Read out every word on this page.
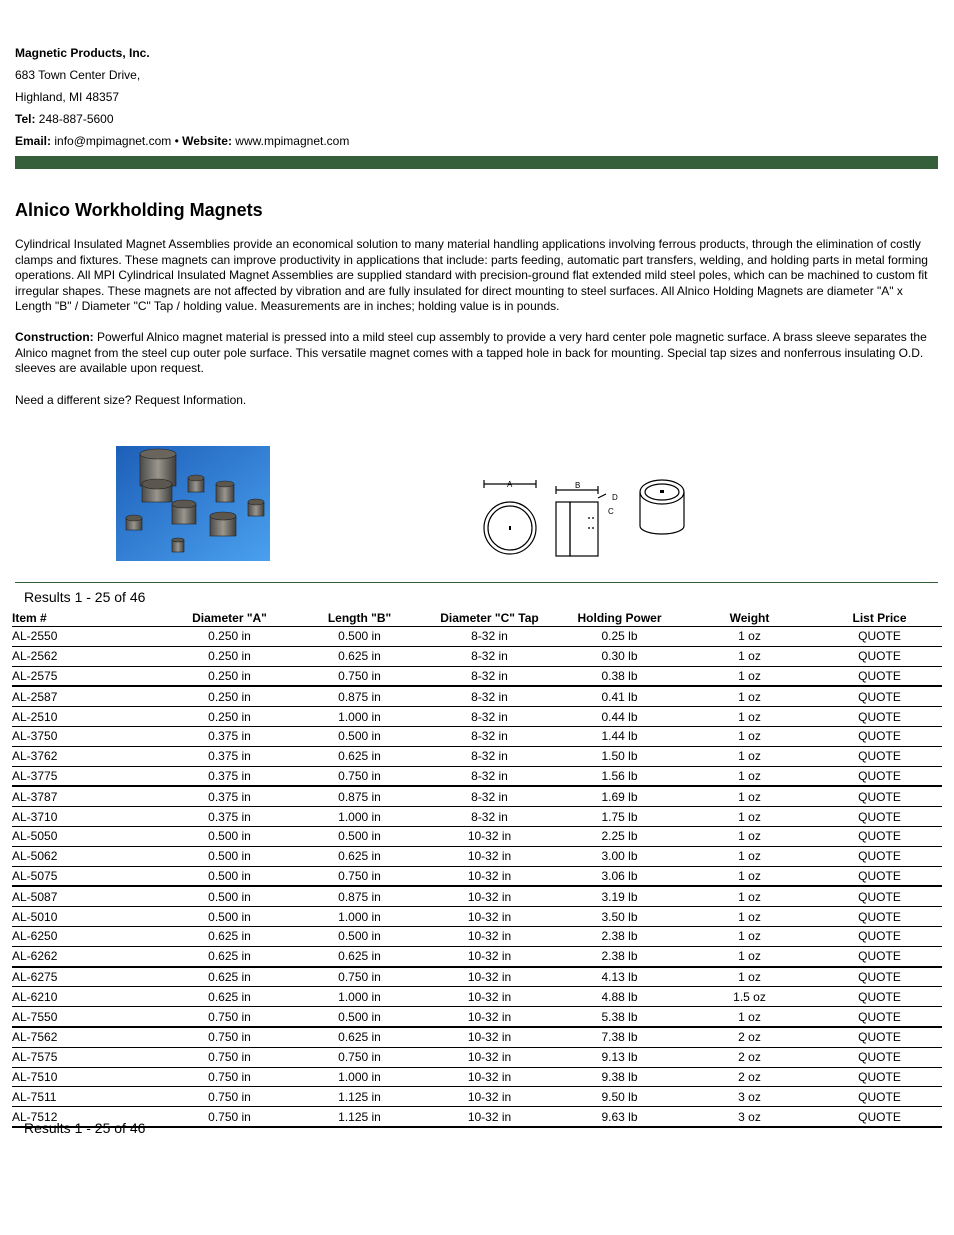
Magnetic Products, Inc.
683 Town Center Drive,
Highland, MI 48357
Tel: 248-887-5600
Email: info@mpimagnet.com • Website: www.mpimagnet.com
Alnico Workholding Magnets

Cylindrical Insulated Magnet Assemblies provide an economical solution to many material handling applications involving ferrous products, through the elimination of costly clamps and fixtures. These magnets can improve productivity in applications that include: parts feeding, automatic part transfers, welding, and holding parts in metal forming operations. All MPI Cylindrical Insulated Magnet Assemblies are supplied standard with precision-ground flat extended mild steel poles, which can be machined to custom fit irregular shapes. These magnets are not affected by vibration and are fully insulated for direct mounting to steel surfaces. All Alnico Holding Magnets are diameter "A" x Length "B" / Diameter "C" Tap / holding value. Measurements are in inches; holding value is in pounds.

Construction: Powerful Alnico magnet material is pressed into a mild steel cup assembly to provide a very hard center pole magnetic surface. A brass sleeve separates the Alnico magnet from the steel cup outer pole surface. This versatile magnet comes with a tapped hole in back for mounting. Special tap sizes and nonferrous insulating O.D. sleeves are available upon request.

Need a different size? Request Information.

A	B
D
C
Results 1 - 25 of 46
Item #	Diameter "A"	Length "B"	Diameter "C" Tap	Holding Power	Weight	List Price
AL-2550	0.250 in	0.500 in	8-32 in	0.25 lb	1 oz	QUOTE
AL-2562	0.250 in	0.625 in	8-32 in	0.30 lb	1 oz	QUOTE
AL-2575	0.250 in	0.750 in	8-32 in	0.38 lb	1 oz	QUOTE
AL-2587	0.250 in	0.875 in	8-32 in	0.41 lb	1 oz	QUOTE
AL-2510	0.250 in	1.000 in	8-32 in	0.44 lb	1 oz	QUOTE
AL-3750	0.375 in	0.500 in	8-32 in	1.44 lb	1 oz	QUOTE
AL-3762	0.375 in	0.625 in	8-32 in	1.50 lb	1 oz	QUOTE
AL-3775	0.375 in	0.750 in	8-32 in	1.56 lb	1 oz	QUOTE
AL-3787	0.375 in	0.875 in	8-32 in	1.69 lb	1 oz	QUOTE
AL-3710	0.375 in	1.000 in	8-32 in	1.75 lb	1 oz	QUOTE
AL-5050	0.500 in	0.500 in	10-32 in	2.25 lb	1 oz	QUOTE
AL-5062	0.500 in	0.625 in	10-32 in	3.00 lb	1 oz	QUOTE
AL-5075	0.500 in	0.750 in	10-32 in	3.06 lb	1 oz	QUOTE
AL-5087	0.500 in	0.875 in	10-32 in	3.19 lb	1 oz	QUOTE
AL-5010	0.500 in	1.000 in	10-32 in	3.50 lb	1 oz	QUOTE
AL-6250	0.625 in	0.500 in	10-32 in	2.38 lb	1 oz	QUOTE
AL-6262	0.625 in	0.625 in	10-32 in	2.38 lb	1 oz	QUOTE
AL-6275	0.625 in	0.750 in	10-32 in	4.13 lb	1 oz	QUOTE
AL-6210	0.625 in	1.000 in	10-32 in	4.88 lb	1.5 oz	QUOTE
AL-7550	0.750 in	0.500 in	10-32 in	5.38 lb	1 oz	QUOTE
AL-7562	0.750 in	0.625 in	10-32 in	7.38 lb	2 oz	QUOTE
AL-7575	0.750 in	0.750 in	10-32 in	9.13 lb	2 oz	QUOTE
AL-7510	0.750 in	1.000 in	10-32 in	9.38 lb	2 oz	QUOTE
AL-7511	0.750 in	1.125 in	10-32 in	9.50 lb	3 oz	QUOTE
AL-7512	0.750 in	1.125 in	10-32 in	9.63 lb	3 oz	QUOTE
Results 1 - 25 of 46
